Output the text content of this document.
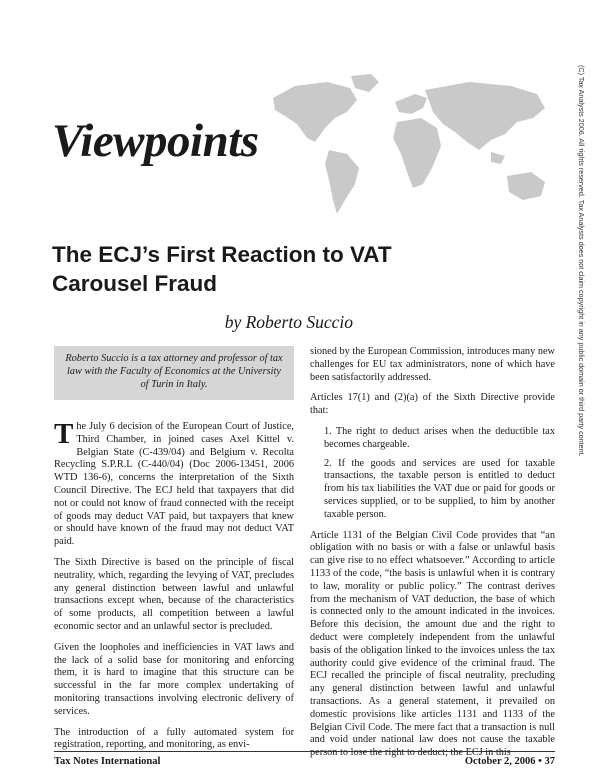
Viewpoints
The ECJ’s First Reaction to VAT Carousel Fraud
by Roberto Succio
Roberto Succio is a tax attorney and professor of tax law with the Faculty of Economics at the University of Turin in Italy.

The July 6 decision of the European Court of Justice, Third Chamber, in joined cases Axel Kittel v. Belgian State (C-439/04) and Belgium v. Recolta Recycling S.P.R.L (C-440/04) (Doc 2006-13451, 2006 WTD 136-6), concerns the interpretation of the Sixth Council Directive. The ECJ held that taxpayers that did not or could not know of fraud connected with the receipt of goods may deduct VAT paid, but taxpayers that knew or should have known of the fraud may not deduct VAT paid.

The Sixth Directive is based on the principle of fiscal neutrality, which, regarding the levying of VAT, precludes any general distinction between lawful and unlawful transactions except when, because of the characteristics of some products, all competition between a lawful economic sector and an unlawful sector is precluded.

Given the loopholes and inefficiencies in VAT laws and the lack of a solid base for monitoring and enforcing them, it is hard to imagine that this structure can be successful in the far more complex undertaking of monitoring transactions involving electronic delivery of services.

The introduction of a fully automated system for registration, reporting, and monitoring, as envi-

sioned by the European Commission, introduces many new challenges for EU tax administrators, none of which have been satisfactorily addressed.

Articles 17(1) and (2)(a) of the Sixth Directive provide that:

1. The right to deduct arises when the deductible tax becomes chargeable.
2. If the goods and services are used for taxable transactions, the taxable person is entitled to deduct from his tax liabilities the VAT due or paid for goods or services supplied, or to be supplied, to him by another taxable person.

Article 1131 of the Belgian Civil Code provides that “an obligation with no basis or with a false or unlawful basis can give rise to no effect whatsoever.” According to article 1133 of the code, “the basis is unlawful when it is contrary to law, morality or public policy.” The contrast derives from the mechanism of VAT deduction, the base of which is connected only to the amount indicated in the invoices. Before this decision, the amount due and the right to deduct were completely independent from the unlawful basis of the obligation linked to the invoices unless the tax authority could give evidence of the criminal fraud. The ECJ recalled the principle of fiscal neutrality, precluding any general distinction between lawful and unlawful transactions. As a general statement, it prevailed on domestic provisions like articles 1131 and 1133 of the Belgian Civil Code. The mere fact that a transaction is null and void under national law does not cause the taxable person to lose the right to deduct; the ECJ in this

Tax Notes International	October 2, 2006 • 37
(C) Tax Analysts 2006. All rights reserved. Tax Analysts does not claim copyright in any public domain or third party content.
